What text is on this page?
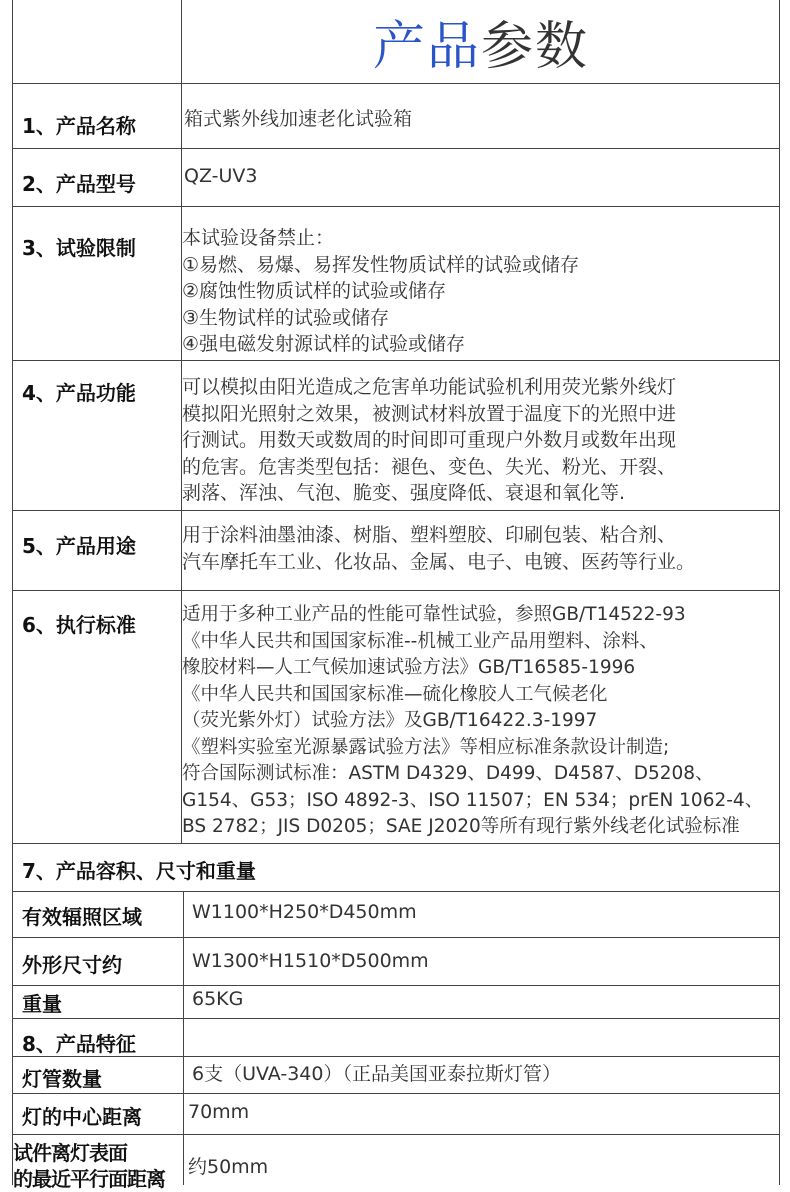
产品 参数
1、产品名称	箱式紫外线加速老化试验箱
2、产品型号	QZ-UV3
3、试验限制 本试验设备禁止：
①易燃、易爆、易挥发性物质试样的试验或储存
②腐蚀性物质试样的试验或储存
③生物试样的试验或储存
④强电磁发射源试样的试验或储存
4、产品功能 可以模拟由阳光造成之危害单功能试验机利用荧光紫外线灯
模拟阳光照射之效果，被测试材料放置于温度下的光照中进
行测试。用数天或数周的时间即可重现户外数月或数年出现
的危害。危害类型包括：褪色、变色、失光、粉光、开裂、
剥落、浑浊、气泡、脆变、强度降低、衰退和氧化等.
5、产品用途 用于涂料油墨油漆、树脂、塑料塑胶、印刷包装、粘合剂、
汽车摩托车工业、化妆品、金属、电子、电镀、医药等行业。
6、执行标准 适用于多种工业产品的性能可靠性试验，参照GB/T14522-93
《中华人民共和国国家标准--机械工业产品用塑料、涂料、
橡胶材料—人工气候加速试验方法》GB/T16585-1996
《中华人民共和国国家标准—硫化橡胶人工气候老化
（荧光紫外灯）试验方法》及GB/T16422.3-1997
《塑料实验室光源暴露试验方法》等相应标准条款设计制造;
符合国际测试标准：ASTM D4329、D499、D4587、D5208、
G154、G53；ISO 4892-3、ISO 11507；EN 534；prEN 1062-4、
BS 2782；JIS D0205；SAE J2020等所有现行紫外线老化试验标准
7、产品容积、尺寸和重量
有效辐照区域	W1100*H250*D450mm
外形尺寸约	W1300*H1510*D500mm
重量	65KG
8、产品特征
灯管数量	6支（UVA-340）（正品美国亚泰拉斯灯管）
灯的中心距离 70mm
试件离灯表面
的最近平行面距离 约50mm
